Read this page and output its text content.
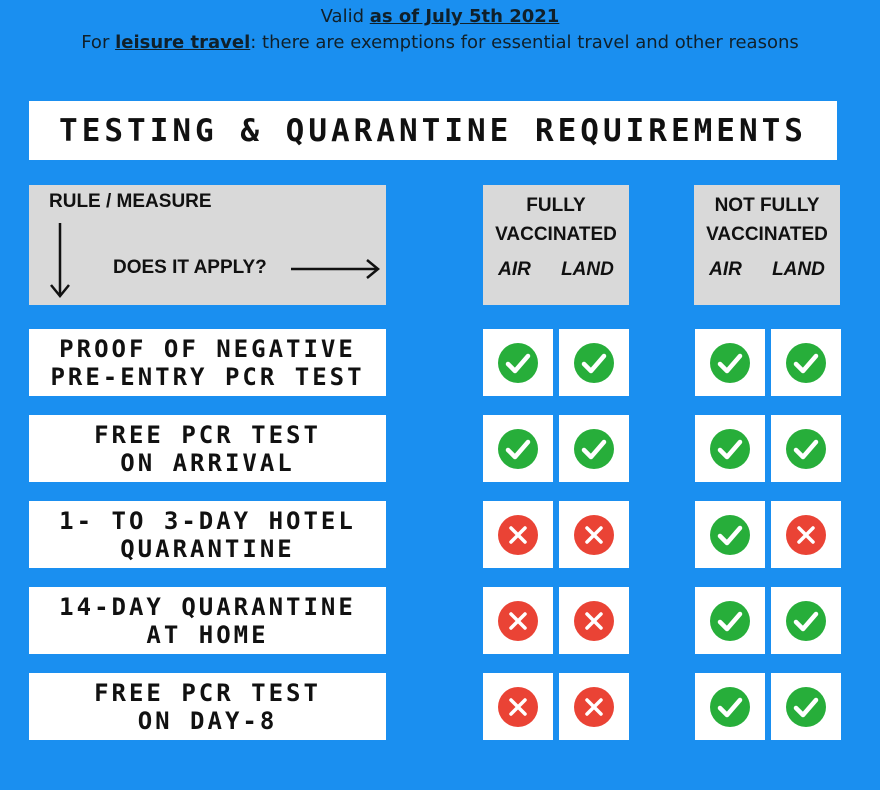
Valid as of July 5th 2021
For leisure travel: there are exemptions for essential travel and other reasons
TESTING & QUARANTINE REQUIREMENTS
RULE / MEASURE
DOES IT APPLY?
FULLY
VACCINATED
AIR LAND
NOT FULLY
VACCINATED
AIR LAND
PROOF OF NEGATIVE
PRE-ENTRY PCR TEST
FREE PCR TEST
ON ARRIVAL
1- TO 3-DAY HOTEL
QUARANTINE
14-DAY QUARANTINE
AT HOME
FREE PCR TEST
ON DAY-8
